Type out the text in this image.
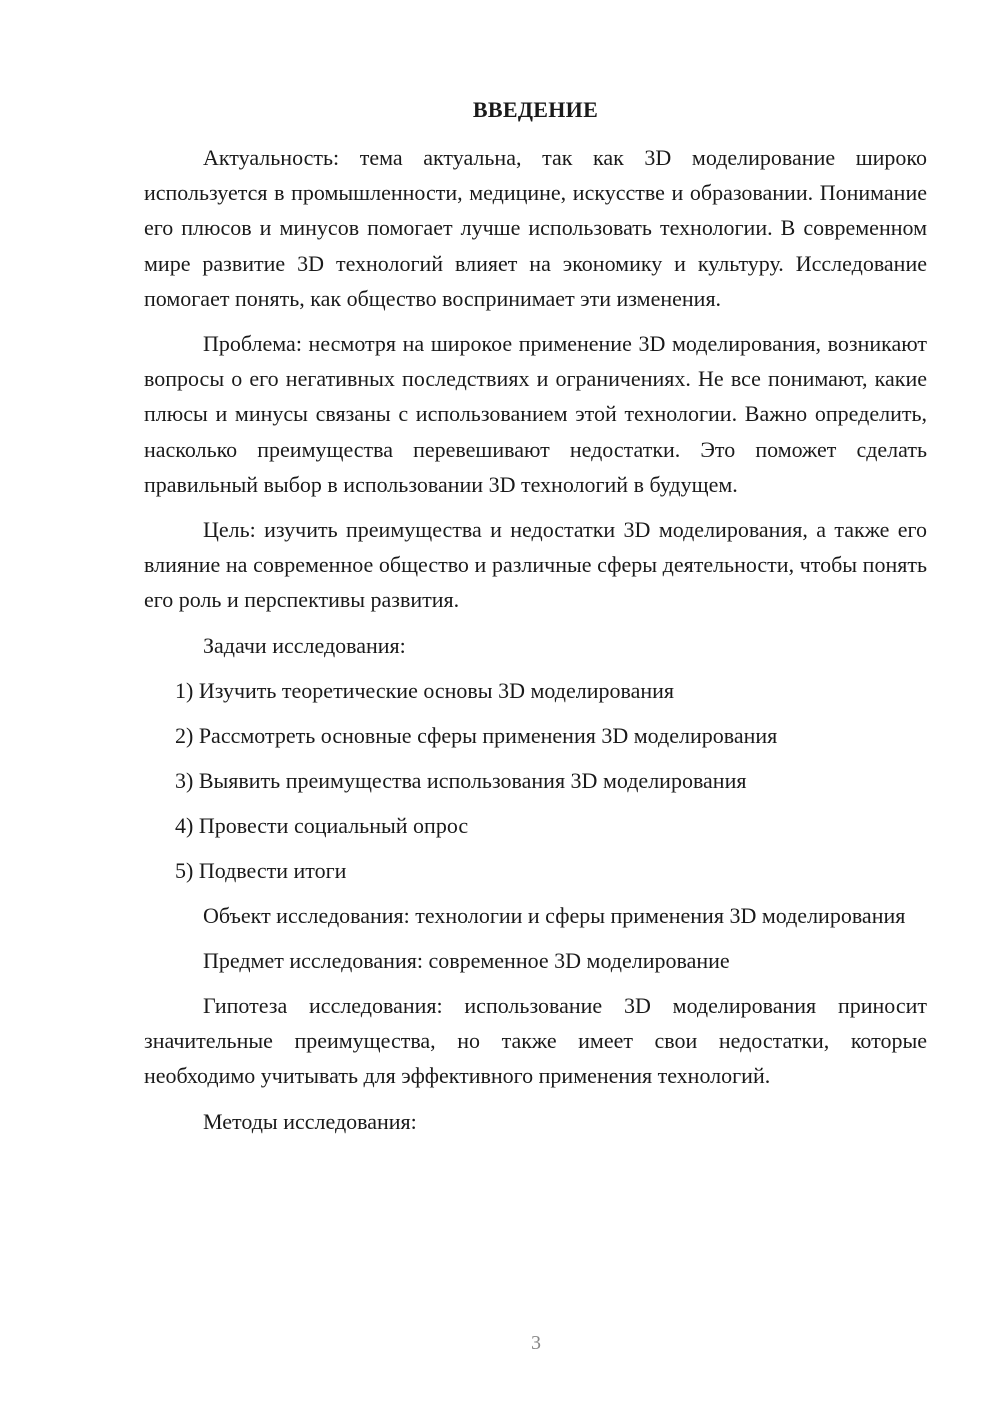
ВВЕДЕНИЕ

Актуальность: тема актуальна, так как 3D моделирование широко используется в промышленности, медицине, искусстве и образовании. Понимание его плюсов и минусов помогает лучше использовать технологии. В современном мире развитие 3D технологий влияет на экономику и культуру. Исследование помогает понять, как общество воспринимает эти изменения.

Проблема: несмотря на широкое применение 3D моделирования, возникают вопросы о его негативных последствиях и ограничениях. Не все понимают, какие плюсы и минусы связаны с использованием этой технологии. Важно определить, насколько преимущества перевешивают недостатки. Это поможет сделать правильный выбор в использовании 3D технологий в будущем.

Цель: изучить преимущества и недостатки 3D моделирования, а также его влияние на современное общество и различные сферы деятельности, чтобы понять его роль и перспективы развития.

Задачи исследования:
1) Изучить теоретические основы 3D моделирования
2) Рассмотреть основные сферы применения 3D моделирования
3) Выявить преимущества использования 3D моделирования
4) Провести социальный опрос
5) Подвести итоги

Объект исследования: технологии и сферы применения 3D моделирования

Предмет исследования: современное 3D моделирование

Гипотеза исследования: использование 3D моделирования приносит значительные преимущества, но также имеет свои недостатки, которые необходимо учитывать для эффективного применения технологий.

Методы исследования:
3
